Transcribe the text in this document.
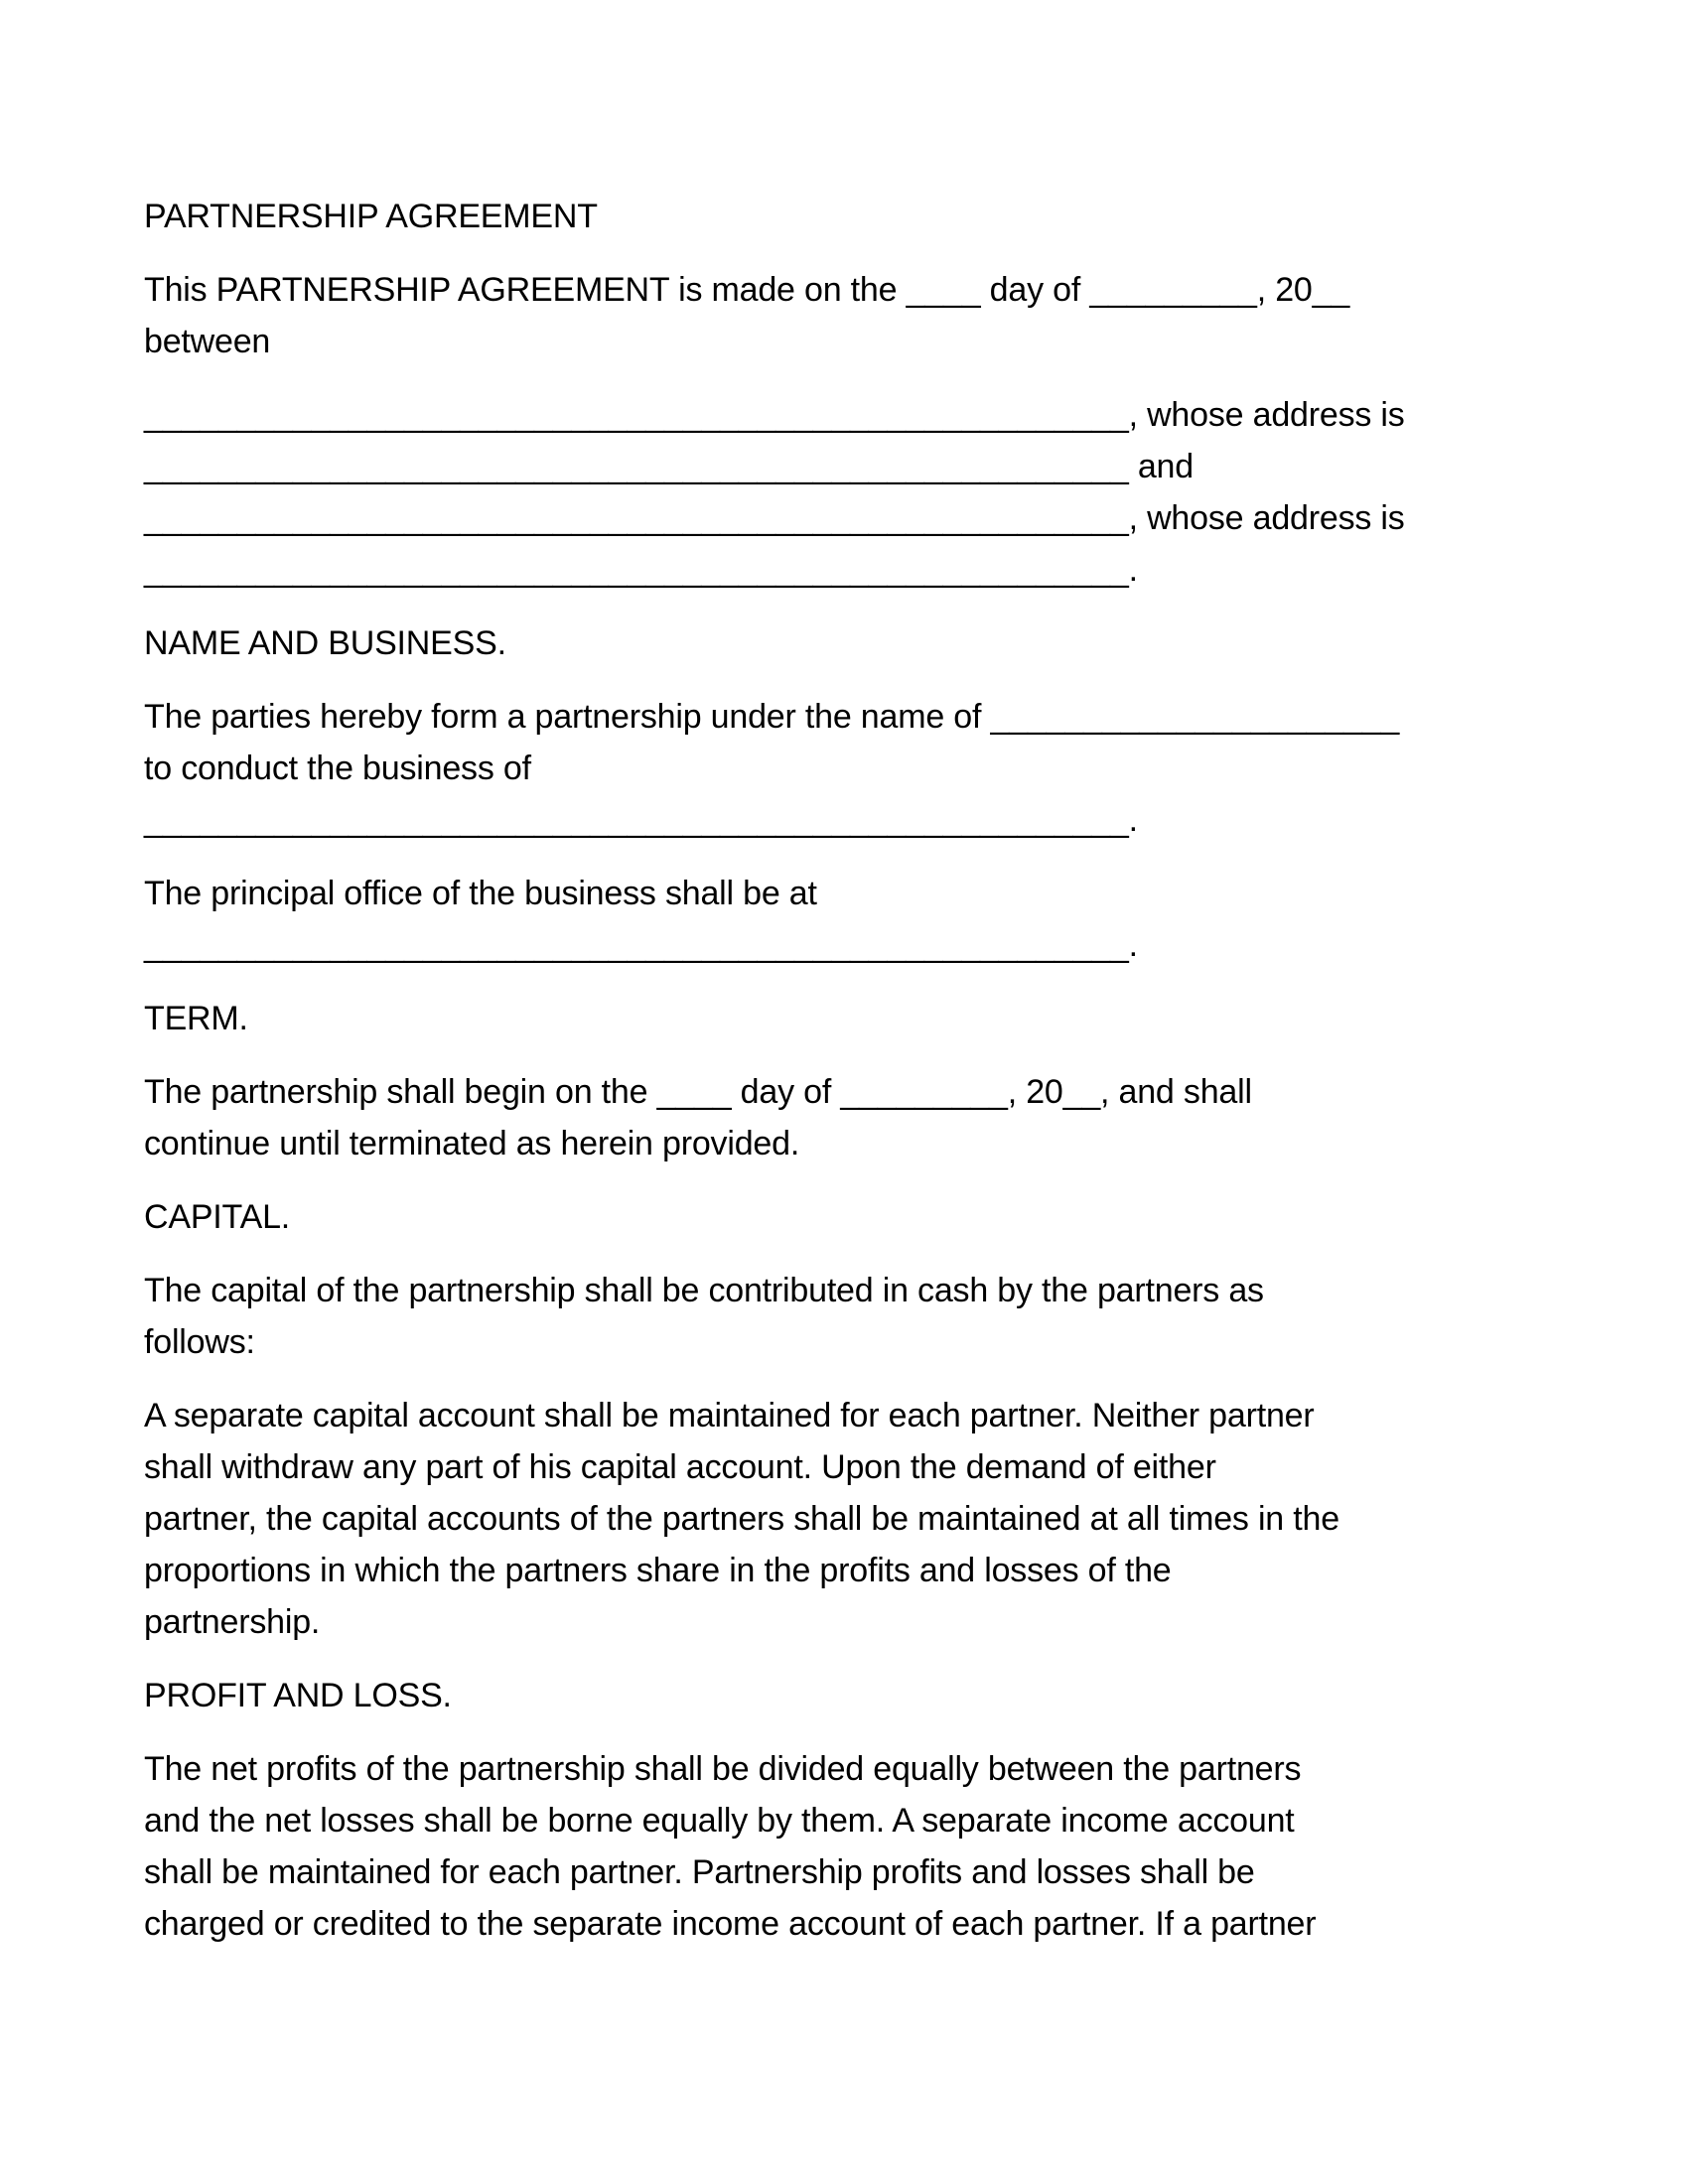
PARTNERSHIP AGREEMENT
This PARTNERSHIP AGREEMENT is made on the ____ day of _________, 20__
between
_____________________________________________________, whose address is
_____________________________________________________ and
_____________________________________________________, whose address is
_____________________________________________________.
NAME AND BUSINESS.
The parties hereby form a partnership under the name of ______________________
to conduct the business of
_____________________________________________________.
The principal office of the business shall be at
_____________________________________________________.
TERM.
The partnership shall begin on the ____ day of _________, 20__, and shall
continue until terminated as herein provided.
CAPITAL.
The capital of the partnership shall be contributed in cash by the partners as
follows:
A separate capital account shall be maintained for each partner. Neither partner
shall withdraw any part of his capital account. Upon the demand of either
partner, the capital accounts of the partners shall be maintained at all times in the
proportions in which the partners share in the profits and losses of the
partnership.
PROFIT AND LOSS.
The net profits of the partnership shall be divided equally between the partners
and the net losses shall be borne equally by them. A separate income account
shall be maintained for each partner. Partnership profits and losses shall be
charged or credited to the separate income account of each partner. If a partner
